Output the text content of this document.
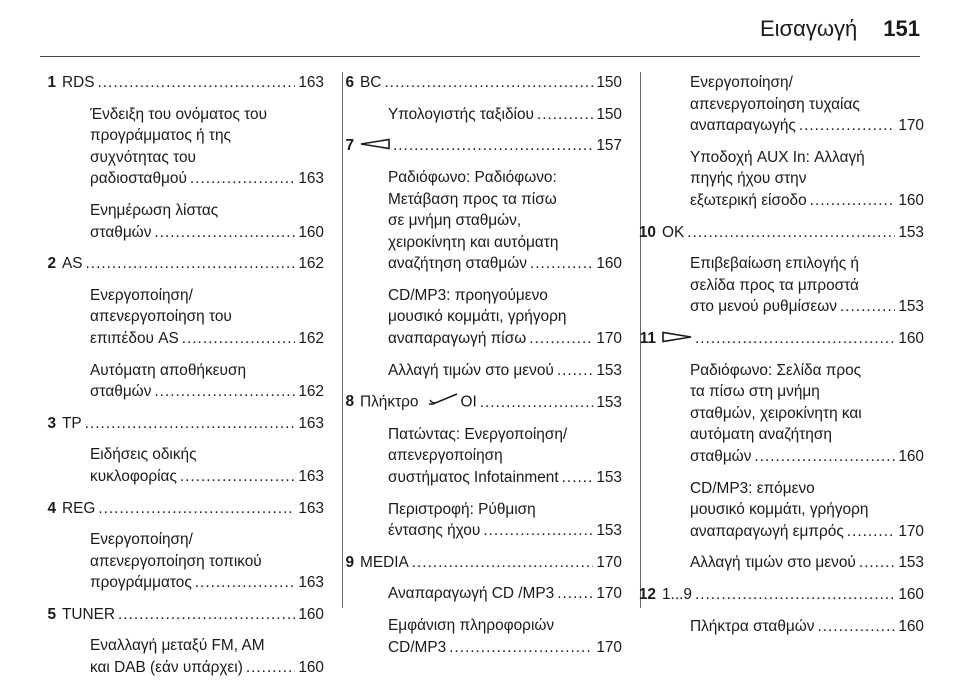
Εισαγωγή 151
1 RDS .....	163
Ένδειξη του ονόματος του
προγράμματος ή της
συχνότητας του
ραδιοσταθμού .....	163
Ενημέρωση λίστας
σταθμών .....	160
2 AS .....	162
Ενεργοποίηση/
απενεργοποίηση του
επιπέδου AS .....	162
Αυτόματη αποθήκευση
σταθμών .....	162
3 TP .....	163
Ειδήσεις οδικής
κυκλοφορίας .....	163
4 REG .....	163
Ενεργοποίηση/
απενεργοποίηση τοπικού
προγράμματος .....	163
5 TUNER .....	160
Εναλλαγή μεταξύ FM, AM
και DAB (εάν υπάρχει) .....	160
6 BC .....	150
Υπολογιστής ταξιδίου .....	150
7 .....	157
Ραδιόφωνο: Ραδιόφωνο:
Μετάβαση προς τα πίσω
σε μνήμη σταθμών,
χειροκίνητη και αυτόματη
αναζήτηση σταθμών .....	160
CD/MP3: προηγούμενο
μουσικό κομμάτι, γρήγορη
αναπαραγωγή πίσω .....	170
Αλλαγή τιμών στο μενού .....	153
8 Πλήκτρο	OI .....	153
Πατώντας: Ενεργοποίηση/
απενεργοποίηση
συστήματος Infotainment ..... 153
Περιστροφή: Ρύθμιση
έντασης ήχου .....	153
9 MEDIA .....	170
Αναπαραγωγή CD /MP3 .....	170
Εμφάνιση πληροφοριών
CD/MP3 .....	170
Ενεργοποίηση/
απενεργοποίηση τυχαίας
αναπαραγωγής .....	170
Υποδοχή AUX In: Αλλαγή
πηγής ήχου στην
εξωτερική είσοδο .....	160
10 OK .....	153
Επιβεβαίωση επιλογής ή
σελίδα προς τα μπροστά
στο μενού ρυθμίσεων .....	153
11 .....	160
Ραδιόφωνο: Σελίδα προς
τα πίσω στη μνήμη
σταθμών, χειροκίνητη και
αυτόματη αναζήτηση
σταθμών .....	160
CD/MP3: επόμενο
μουσικό κομμάτι, γρήγορη
αναπαραγωγή εμπρός .....	170
Αλλαγή τιμών στο μενού .....	153
12 1...9 .....	160
Πλήκτρα σταθμών .....	160
